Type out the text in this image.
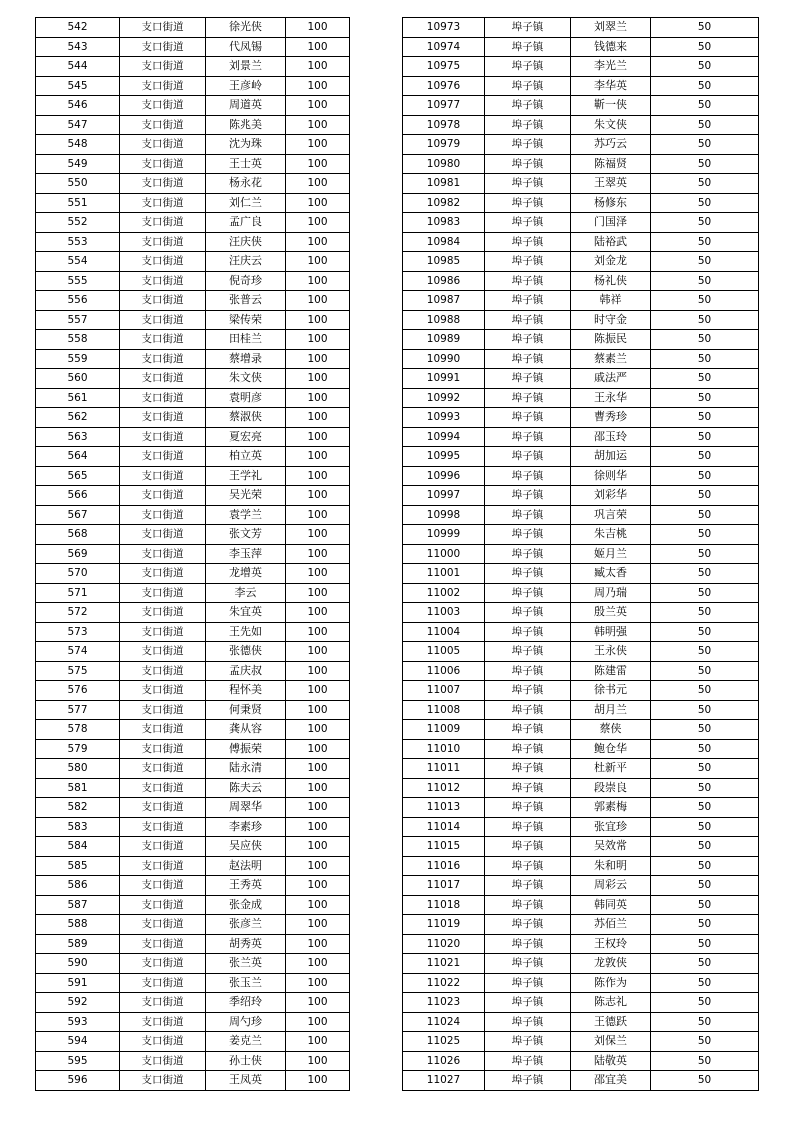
542	支口街道	徐光侠	100
543	支口街道	代凤锡	100
544	支口街道	刘景兰	100
545	支口街道	王彦岭	100
546	支口街道	周道英	100
547	支口街道	陈兆美	100
548	支口街道	沈为珠	100
549	支口街道	王士英	100
550	支口街道	杨永花	100
551	支口街道	刘仁兰	100
552	支口街道	孟广良	100
553	支口街道	汪庆侠	100
554	支口街道	汪庆云	100
555	支口街道	倪奇珍	100
556	支口街道	张普云	100
557	支口街道	梁传荣	100
558	支口街道	田桂兰	100
559	支口街道	蔡增录	100
560	支口街道	朱文侠	100
561	支口街道	袁明彦	100
562	支口街道	蔡淑侠	100
563	支口街道	夏宏亮	100
564	支口街道	柏立英	100
565	支口街道	王学礼	100
566	支口街道	吴光荣	100
567	支口街道	袁学兰	100
568	支口街道	张文芳	100
569	支口街道	李玉萍	100
570	支口街道	龙增英	100
571	支口街道	李云	100
572	支口街道	朱宜英	100
573	支口街道	王先如	100
574	支口街道	张德侠	100
575	支口街道	孟庆叔	100
576	支口街道	程怀美	100
577	支口街道	何秉贤	100
578	支口街道	龚从容	100
579	支口街道	傅振荣	100
580	支口街道	陆永清	100
581	支口街道	陈夫云	100
582	支口街道	周翠华	100
583	支口街道	李素珍	100
584	支口街道	吴应侠	100
585	支口街道	赵法明	100
586	支口街道	王秀英	100
587	支口街道	张金成	100
588	支口街道	张彦兰	100
589	支口街道	胡秀英	100
590	支口街道	张兰英	100
591	支口街道	张玉兰	100
592	支口街道	季绍玲	100
593	支口街道	周勺珍	100
594	支口街道	姜克兰	100
595	支口街道	孙士侠	100
596	支口街道	王凤英	100
10973	埠子镇	刘翠兰	50
10974	埠子镇	钱德来	50
10975	埠子镇	李光兰	50
10976	埠子镇	李华英	50
10977	埠子镇	靳一侠	50
10978	埠子镇	朱文侠	50
10979	埠子镇	苏巧云	50
10980	埠子镇	陈福贤	50
10981	埠子镇	王翠英	50
10982	埠子镇	杨修东	50
10983	埠子镇	门国泽	50
10984	埠子镇	陆裕武	50
10985	埠子镇	刘金龙	50
10986	埠子镇	杨礼侠	50
10987	埠子镇	韩祥	50
10988	埠子镇	时守金	50
10989	埠子镇	陈振民	50
10990	埠子镇	蔡素兰	50
10991	埠子镇	戚法严	50
10992	埠子镇	王永华	50
10993	埠子镇	曹秀珍	50
10994	埠子镇	邵玉玲	50
10995	埠子镇	胡加运	50
10996	埠子镇	徐则华	50
10997	埠子镇	刘彩华	50
10998	埠子镇	巩言荣	50
10999	埠子镇	朱吉桃	50
11000	埠子镇	姬月兰	50
11001	埠子镇	臧太香	50
11002	埠子镇	周乃瑞	50
11003	埠子镇	殷兰英	50
11004	埠子镇	韩明强	50
11005	埠子镇	王永侠	50
11006	埠子镇	陈建雷	50
11007	埠子镇	徐书元	50
11008	埠子镇	胡月兰	50
11009	埠子镇	蔡侠	50
11010	埠子镇	鲍仓华	50
11011	埠子镇	杜新平	50
11012	埠子镇	段崇良	50
11013	埠子镇	郭素梅	50
11014	埠子镇	张宜珍	50
11015	埠子镇	吴效常	50
11016	埠子镇	朱和明	50
11017	埠子镇	周彩云	50
11018	埠子镇	韩同英	50
11019	埠子镇	苏佰兰	50
11020	埠子镇	王权玲	50
11021	埠子镇	龙敦侠	50
11022	埠子镇	陈作为	50
11023	埠子镇	陈志礼	50
11024	埠子镇	王德跃	50
11025	埠子镇	刘保兰	50
11026	埠子镇	陆敬英	50
11027	埠子镇	邵宜美	50
